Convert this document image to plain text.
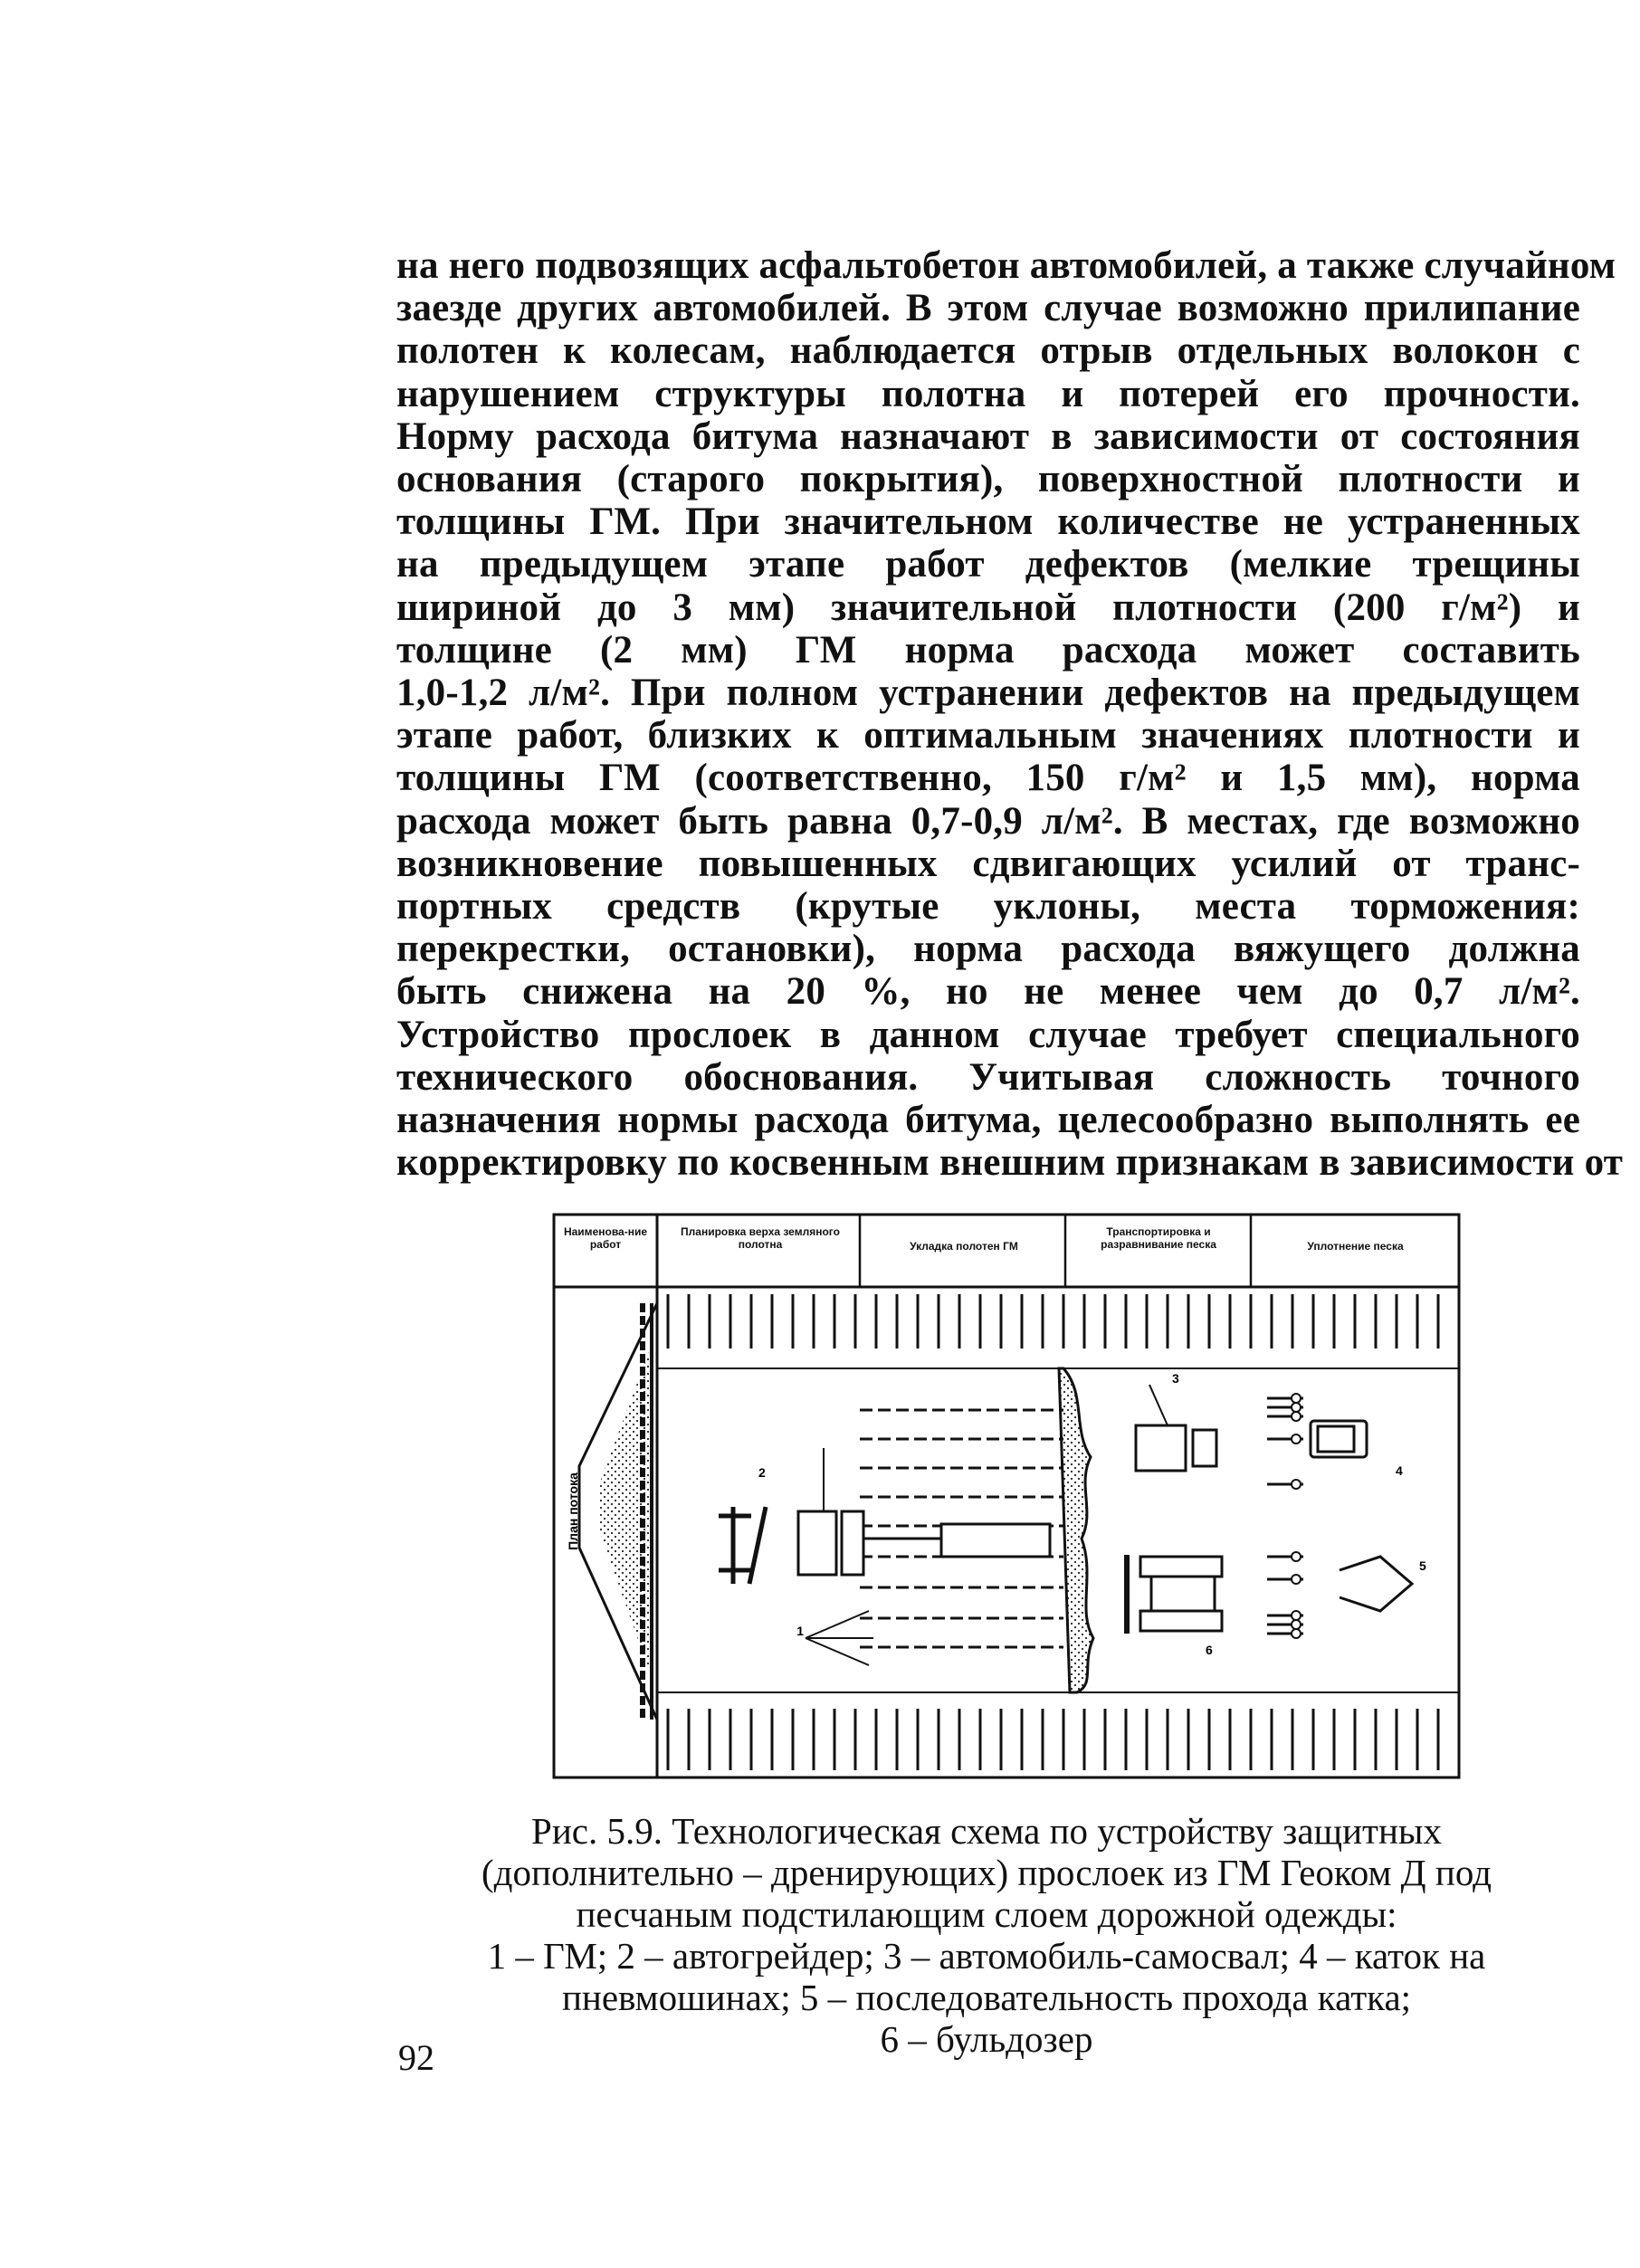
на него подвозящих асфальтобетон автомобилей, а также случайном
заезде других автомобилей. В этом случае возможно прилипание
полотен к колесам, наблюдается отрыв отдельных волокон с
нарушением структуры полотна и потерей его прочности.
Норму расхода битума назначают в зависимости от состояния
основания (старого покрытия), поверхностной плотности и
толщины ГМ. При значительном количестве не устраненных
на предыдущем этапе работ дефектов (мелкие трещины
шириной до 3 мм) значительной плотности (200 г/м²) и
толщине (2 мм) ГМ норма расхода может составить
1,0-1,2 л/м². При полном устранении дефектов на предыдущем
этапе работ, близких к оптимальным значениях плотности и
толщины ГМ (соответственно, 150 г/м² и 1,5 мм), норма
расхода может быть равна 0,7-0,9 л/м². В местах, где возможно
возникновение повышенных сдвигающих усилий от транс-
портных средств (крутые уклоны, места торможения:
перекрестки, остановки), норма расхода вяжущего должна
быть снижена на 20 %, но не менее чем до 0,7 л/м².
Устройство прослоек в данном случае требует специального
технического обоснования. Учитывая сложность точного
назначения нормы расхода битума, целесообразно выполнять ее
корректировку по косвенным внешним признакам в зависимости от
Наименова-ние работ
Планировка верха земляного полотна	Укладка полотен ГМ
Транспортировка и разравнивание песка	Уплотнение песка
План потока
1
2
3
6
4
5
Рис. 5.9. Технологическая схема по устройству защитных
(дополнительно – дренирующих) прослоек из ГМ Геоком Д под
песчаным подстилающим слоем дорожной одежды:
1 – ГМ; 2 – автогрейдер; 3 – автомобиль-самосвал; 4 – каток на
пневмошинах; 5 – последовательность прохода катка;
6 – бульдозер
92
